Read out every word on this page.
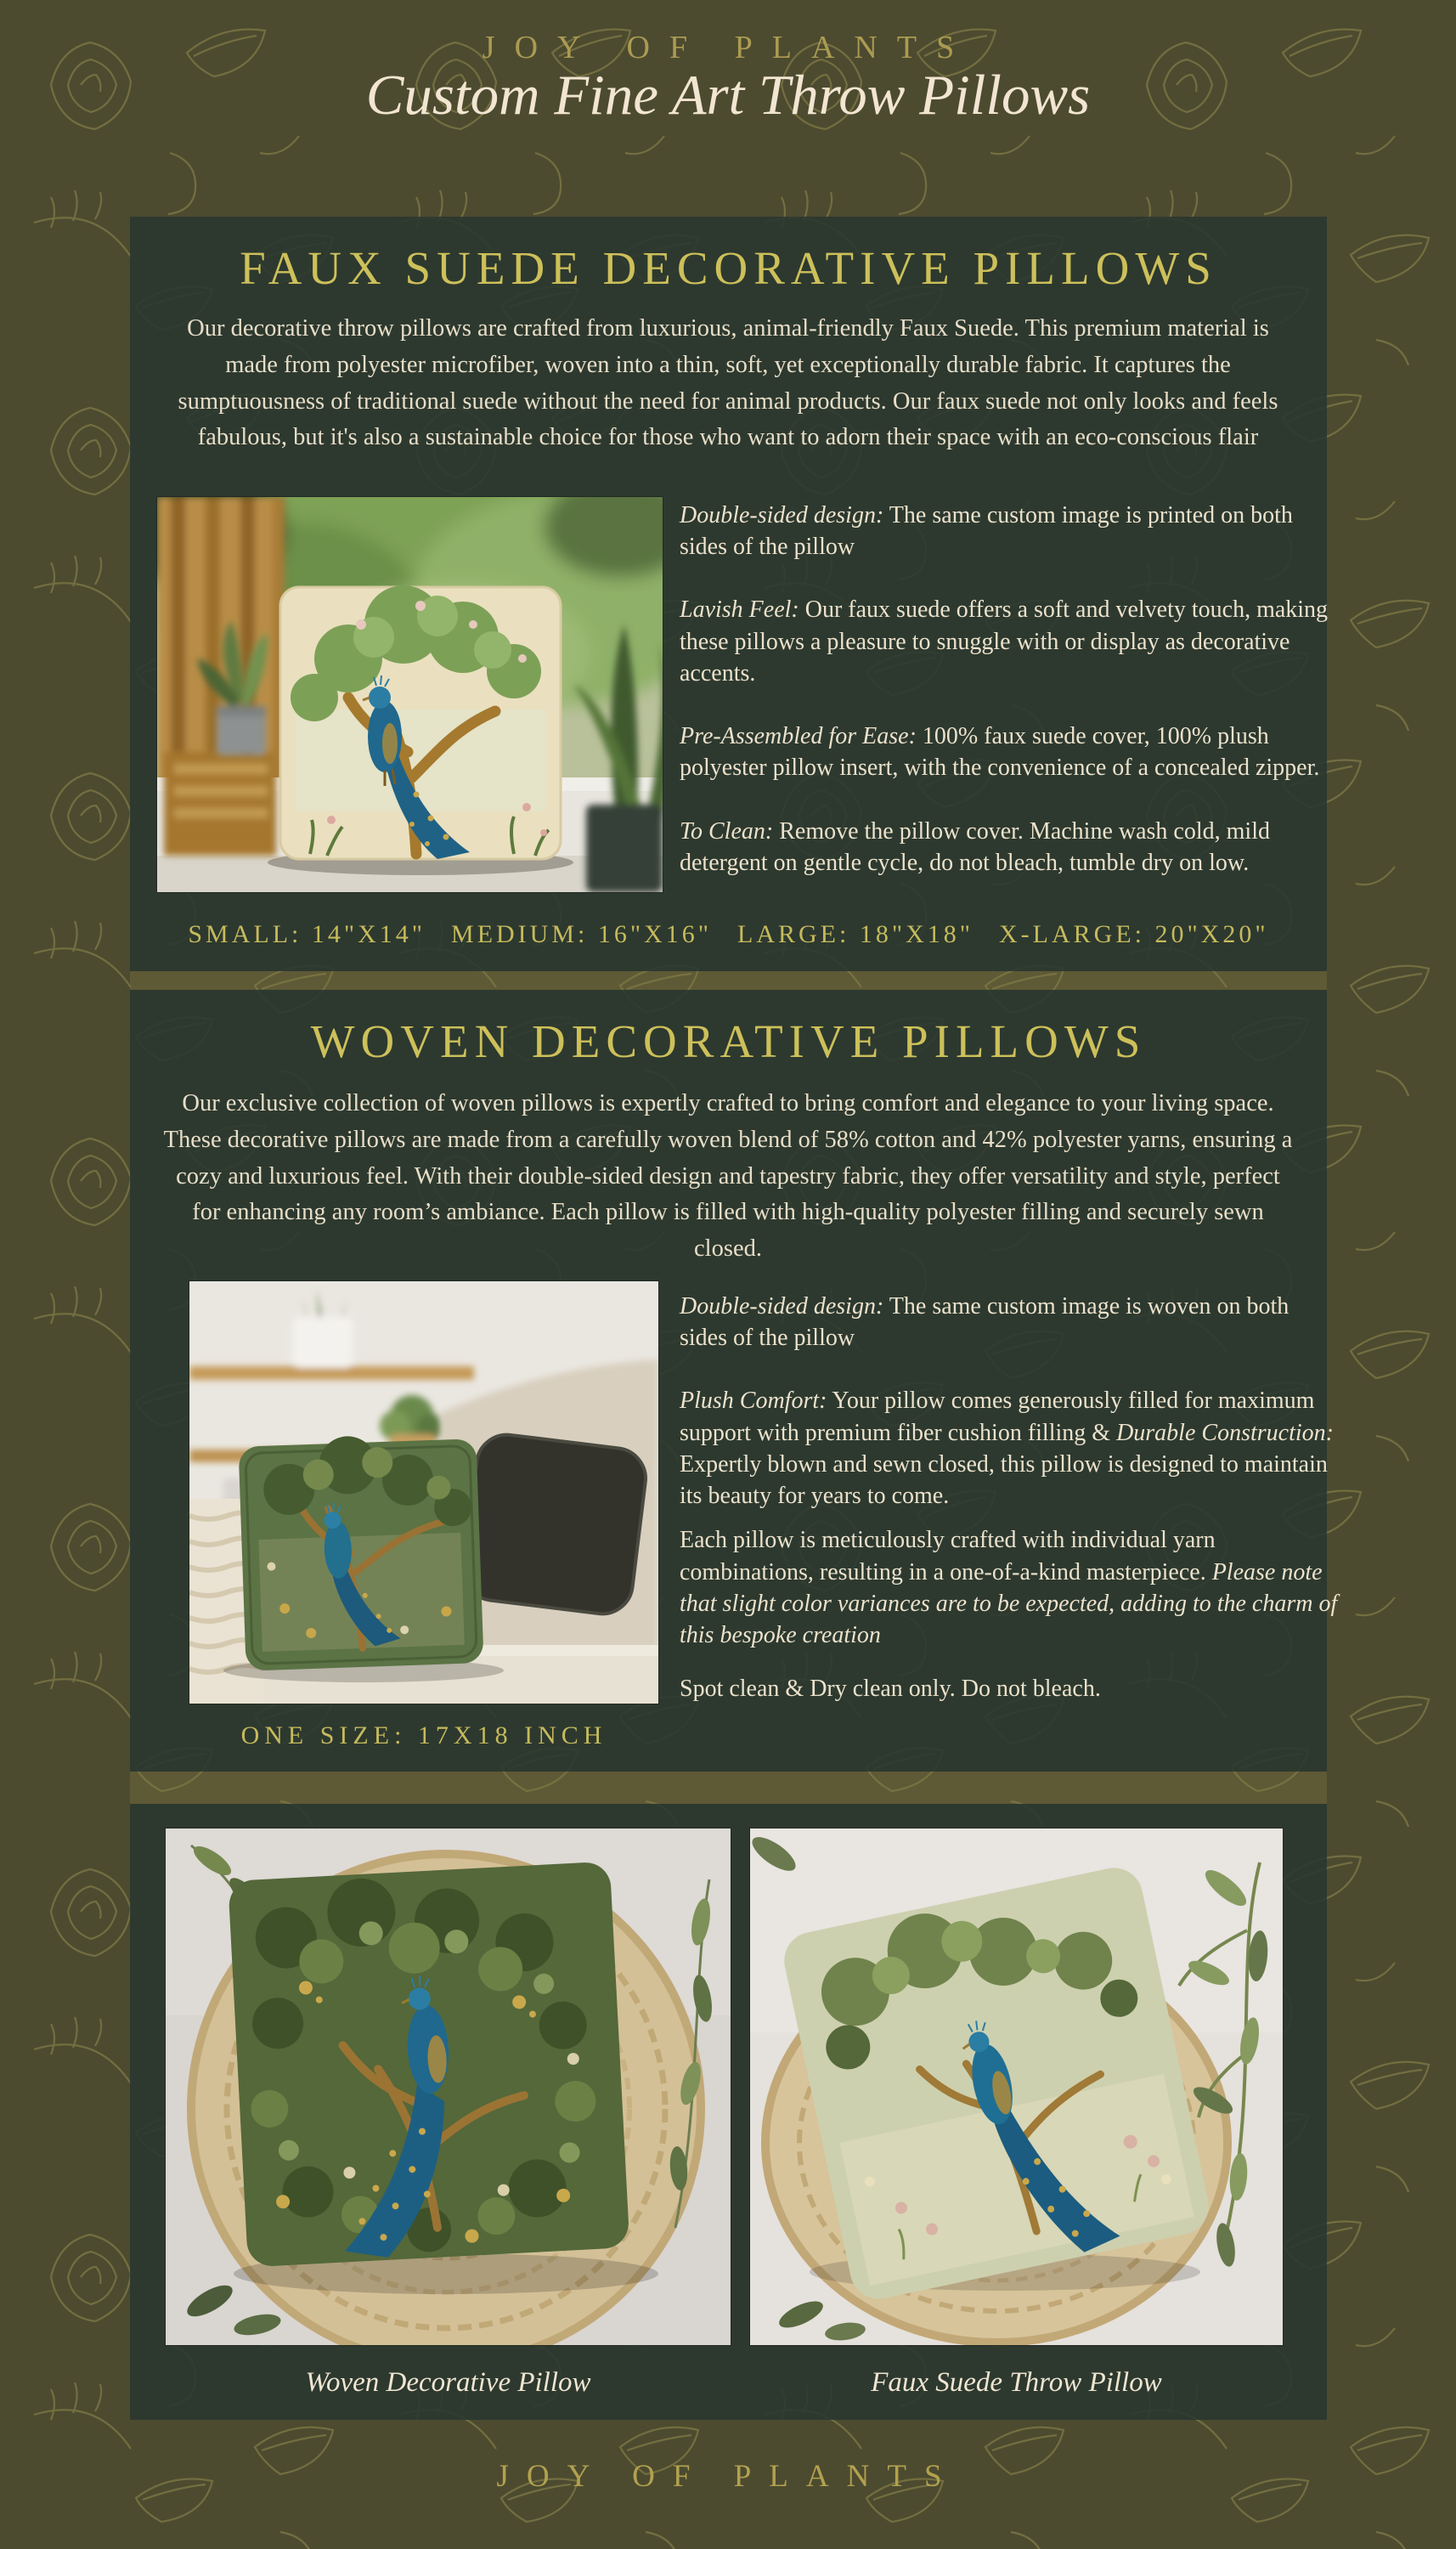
JOY OF PLANTS
Custom Fine Art Throw Pillows
FAUX SUEDE DECORATIVE PILLOWS
Our decorative throw pillows are crafted from luxurious, animal-friendly Faux Suede. This premium material is made from polyester microfiber, woven into a thin, soft, yet exceptionally durable fabric. It captures the sumptuousness of traditional suede without the need for animal products. Our faux suede not only looks and feels fabulous, but it's also a sustainable choice for those who want to adorn their space with an eco-conscious flair

Double-sided design: The same custom image is printed on both sides of the pillow

Lavish Feel: Our faux suede offers a soft and velvety touch, making these pillows a pleasure to snuggle with or display as decorative accents.

Pre-Assembled for Ease: 100% faux suede cover, 100% plush polyester pillow insert, with the convenience of a concealed zipper.

To Clean: Remove the pillow cover. Machine wash cold, mild detergent on gentle cycle, do not bleach, tumble dry on low.

SMALL: 14"X14" MEDIUM: 16"X16" LARGE: 18"X18" X-LARGE: 20"X20"
WOVEN DECORATIVE PILLOWS
Our exclusive collection of woven pillows is expertly crafted to bring comfort and elegance to your living space. These decorative pillows are made from a carefully woven blend of 58% cotton and 42% polyester yarns, ensuring a cozy and luxurious feel. With their double-sided design and tapestry fabric, they offer versatility and style, perfect for enhancing any room’s ambiance. Each pillow is filled with high-quality polyester filling and securely sewn closed.

Double-sided design: The same custom image is woven on both sides of the pillow

Plush Comfort: Your pillow comes generously filled for maximum support with premium fiber cushion filling & Durable Construction: Expertly blown and sewn closed, this pillow is designed to maintain its beauty for years to come.

Each pillow is meticulously crafted with individual yarn combinations, resulting in a one-of-a-kind masterpiece. Please note that slight color variances are to be expected, adding to the charm of this bespoke creation

Spot clean & Dry clean only. Do not bleach.

ONE SIZE: 17X18 INCH
Woven Decorative Pillow	Faux Suede Throw Pillow
JOY OF PLANTS
